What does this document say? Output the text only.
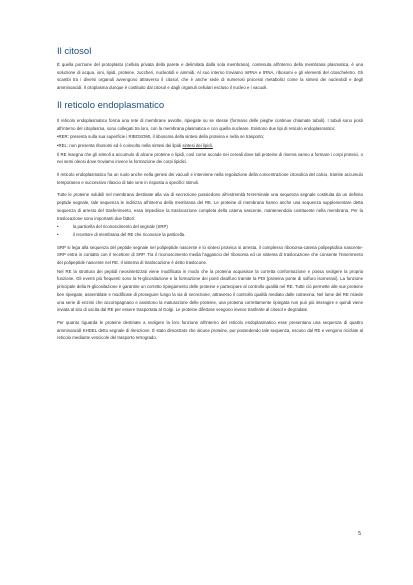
Il citosol

È quella porzione del protoplasto (cellula privata della parete e delimitata dalla sola membrana), contenuta all'interno della membrana plasmatica, è una soluzione di acqua, ioni, lipidi, proteine, zuccheri, nucleotidi e ammidi. Al suo interno troviamo mRNA e tRNA, ribosomi e gli elementi del citoscheletro. Gli scambi tra i diversi organuli avvengono attraverso il citosol, che è anche sede di numerosi processi metabolici come la sintesi dei nucleotidi e degli amminoacidi. Il citoplasma dunque è costituito dal citosol e dagli organuli cellulari escluso il nucleo e i vacuoli.

Il reticolo endoplasmatico

Il reticolo endoplasmatico forma una rete di membrane avvolte, ripiegate su se stesse (formano delle pieghe continue chiamate tubuli). I tubuli sono posti all'interno del citoplasma, sono collegati tra loro, con la membrana plasmatica e con quella nucleare. Esistono due tipi di reticolo endoplasmatico:

•RER: presenta sulla sua superficie i RIBOSOMI, il ribosoma della sintesi della proteina e nella se trasporto;

•REL: non presenta ribosomi ed è coinvolto nella sintesi dei lipidi sintesi dei lipidi.

Il RE insegna che gli stimoli a accumulo di alcune proteine e lipidi, così come accade nei cereali dove tali proteine di riserva vanno a formare i corpi proteici, o nei semi oleosi dove troviamo invece la formazione dei corpi lipidici.

Il reticolo endoplasmatico ha un ruolo anche nella genesi dei vacuoli e interviene nella regolazione della concentrazione citosolica del calcio, tramite accumulo temporaneo e successivo rilascio di tale ione in risposta a specifici stimoli.

Tutte le proteine solubili nel membrana destinate alla via di secrezione possiedono all'estremità N-terminale una sequenza segnale costituita da un definito peptide segnale, tale sequenza le indirizza all'interno della membrana del RE. Le proteine di membrana hanno anche una sequenza supplementare detta sequenza di arresto del trasferimento, essa impedisce la traslocazione completa della catena nascente, mantenendola costituente nella membrana. Per la traslocazione sono importanti due fattori:

•	la particella del riconoscimento del segnale (SRP)
•	il recettore di membrana del RE che riconosce la particella.

SRP si lega alla sequenza del peptide segnale nel polipeptide nascente e lo sintesi proteica si arresta, il complesso ribosoma-catena polipeptidica nascente-SRP entra in contatto con il recettore di SRP. Tra il riconoscimento media l'aggancio del ribosoma ed un sistema di traslocazione che consente l'inserimento del polipeptide nascente nel RE. Il sistema di traslocazione è detto traslocone.

Nel RE la struttura dei peptidi neosintetizzati viene modificata in modo che la proteina acquisisce la corretta conformazione e possa svolgere la propria funzione. Gli eventi più frequenti sono la N-glicosilazione e la formazione dei ponti disolfuro tramite la PDI (proteina ponte di solfuro isomerasi). La funzione principale della N-glicosilazione è garantire un corretto ripiegamento delle proteine e partecipare al controllo qualità nel RE. Tutte ciò permette alle sue proteine ben ripiegate, assemblate e modificate di proseguire lungo la via di secrezione, attraverso il controllo qualità mediato dalle calnexina. Nel lume del RE risiede una serie di enzimi che accompagnano e assistono la maturazione delle proteine, una proteina correttamente ripiegata non può più interagire e quindi viene inviata al sito di uscita dal RE per essere trasportata al Golgi. Le proteine difettose vengono invece trasferite al citosol e degradate.

Per quanto riguarda le proteine destinate a svolgere la loro funzione all'interno del reticolo endoplasmatico esse presentano una sequenza di quattro amminoacidi KHDEL detto segnale di ritenzione. È stato dimostrato che alcune proteine, pur possedendo tale sequenza, escono dal RE e vengono riciclate al reticolo mediante vescicole del trasporto retrogrado.

5
